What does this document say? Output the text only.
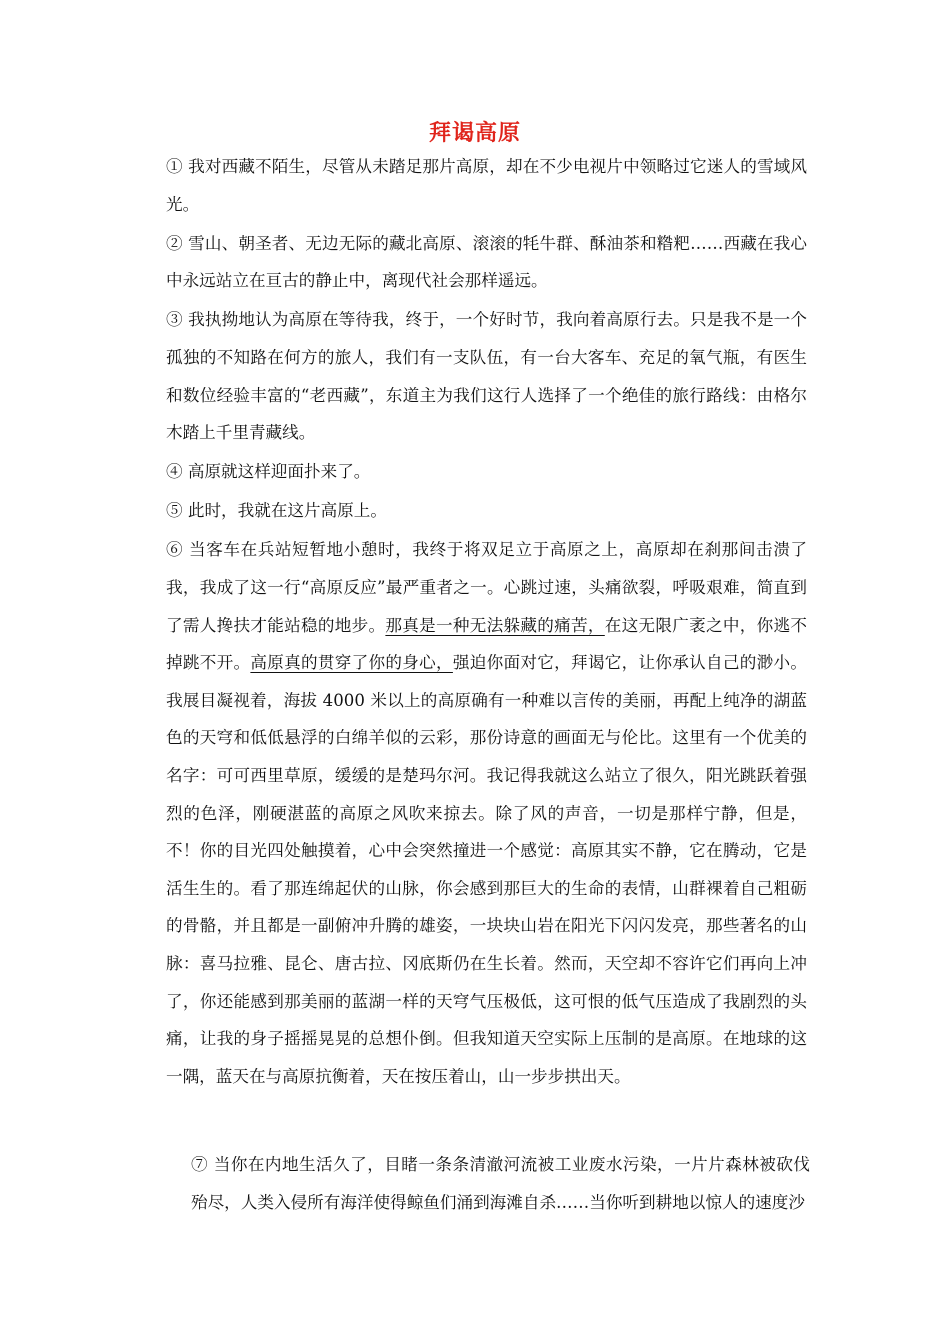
拜谒高原

① 我对西藏不陌生，尽管从未踏足那片高原，却在不少电视片中领略过它迷人的雪域风光。

② 雪山、朝圣者、无边无际的藏北高原、滚滚的牦牛群、酥油茶和糌粑……西藏在我心中永远站立在亘古的静止中，离现代社会那样遥远。

③ 我执拗地认为高原在等待我，终于，一个好时节，我向着高原行去。只是我不是一个孤独的不知路在何方的旅人，我们有一支队伍，有一台大客车、充足的氧气瓶，有医生和数位经验丰富的“老西藏”，东道主为我们这行人选择了一个绝佳的旅行路线：由格尔木踏上千里青藏线。

④ 高原就这样迎面扑来了。

⑤ 此时，我就在这片高原上。

⑥ 当客车在兵站短暂地小憩时，我终于将双足立于高原之上，高原却在刹那间击溃了我，我成了这一行“高原反应”最严重者之一。心跳过速，头痛欲裂，呼吸艰难，简直到了需人搀扶才能站稳的地步。那真是一种无法躲藏的痛苦，在这无限广袤之中，你逃不掉跳不开。高原真的贯穿了你的身心，强迫你面对它，拜谒它，让你承认自己的渺小。我展目凝视着，海拔 4000 米以上的高原确有一种难以言传的美丽，再配上纯净的湖蓝色的天穹和低低悬浮的白绵羊似的云彩，那份诗意的画面无与伦比。这里有一个优美的名字：可可西里草原，缓缓的是楚玛尔河。我记得我就这么站立了很久，阳光跳跃着强烈的色泽，刚硬湛蓝的高原之风吹来掠去。除了风的声音，一切是那样宁静，但是，不！你的目光四处触摸着，心中会突然撞进一个感觉：高原其实不静，它在腾动，它是活生生的。看了那连绵起伏的山脉，你会感到那巨大的生命的表情，山群裸着自己粗砺的骨骼，并且都是一副俯冲升腾的雄姿，一块块山岩在阳光下闪闪发亮，那些著名的山脉：喜马拉雅、昆仑、唐古拉、冈底斯仍在生长着。然而，天空却不容许它们再向上冲了，你还能感到那美丽的蓝湖一样的天穹气压极低，这可恨的低气压造成了我剧烈的头痛，让我的身子摇摇晃晃的总想仆倒。但我知道天空实际上压制的是高原。在地球的这一隅，蓝天在与高原抗衡着，天在按压着山，山一步步拱出天。

⑦ 当你在内地生活久了，目睹一条条清澈河流被工业废水污染，一片片森林被砍伐殆尽，人类入侵所有海洋使得鲸鱼们涌到海滩自杀……当你听到耕地以惊人的速度沙
